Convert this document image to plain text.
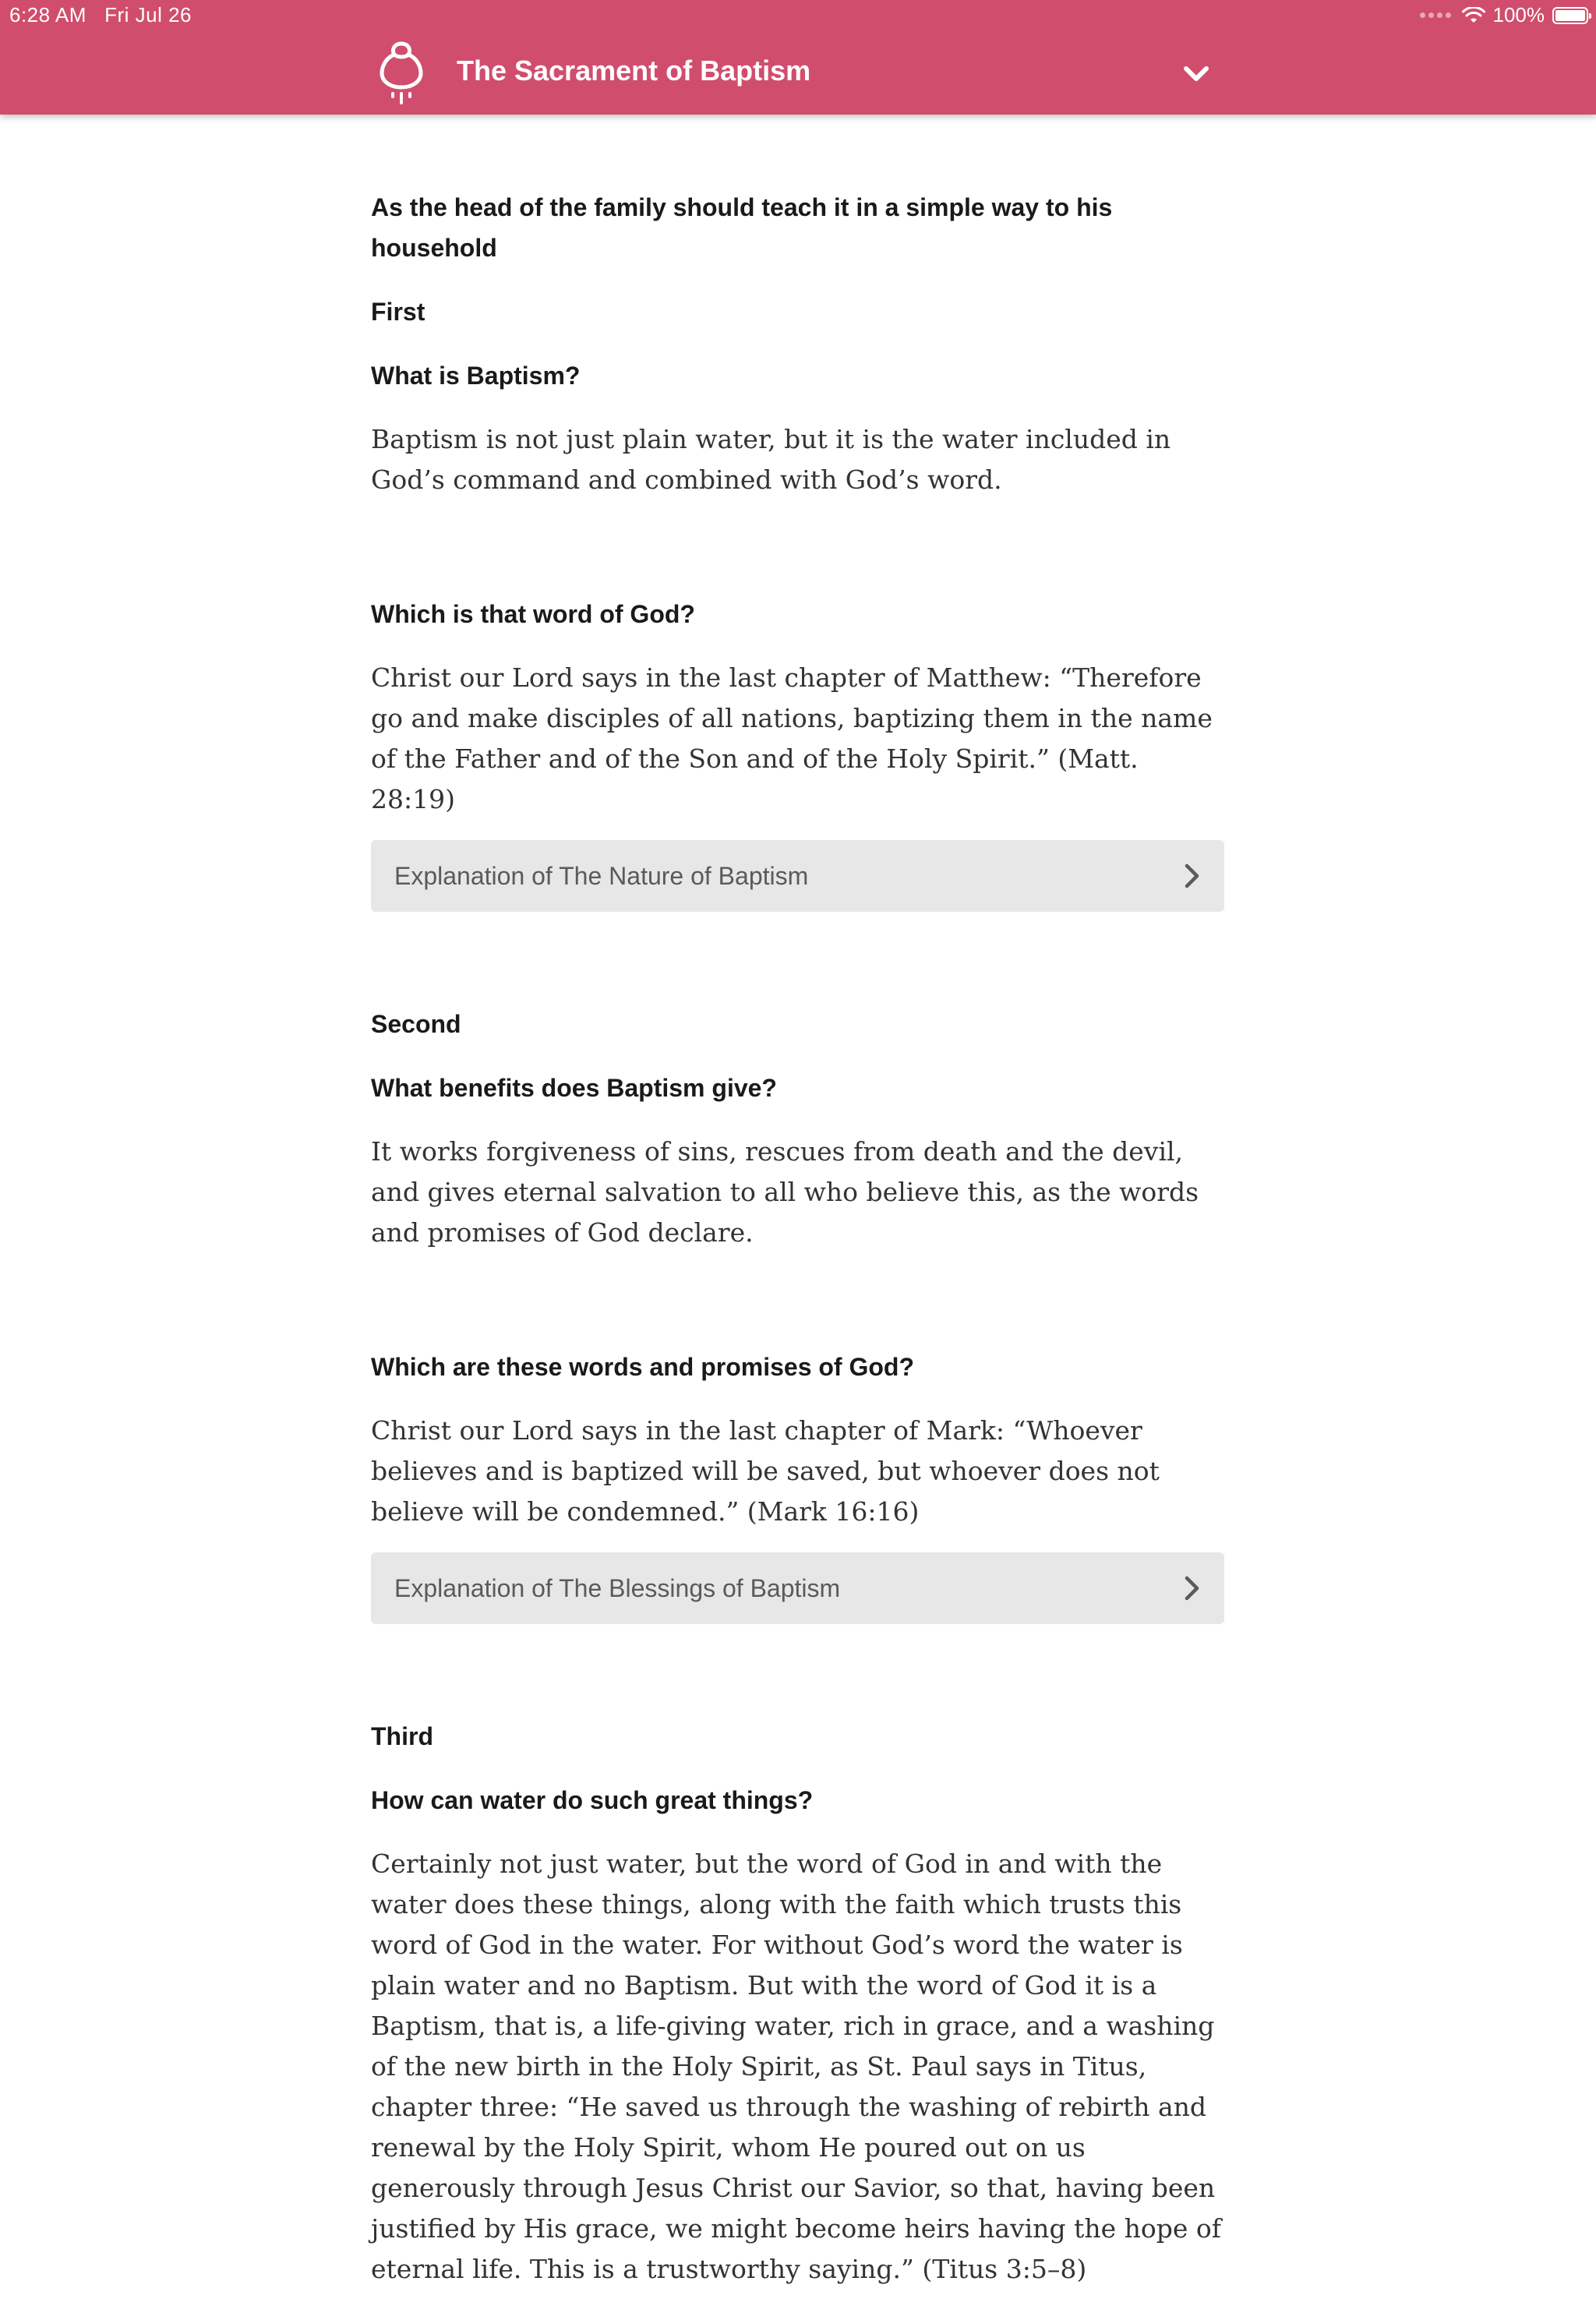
6:28 AM Fri Jul 26	100%
The Sacrament of Baptism

As the head of the family should teach it in a simple way to his household

First

What is Baptism?

Baptism is not just plain water, but it is the water included in God’s command and combined with God’s word.

Which is that word of God?

Christ our Lord says in the last chapter of Matthew: “Therefore go and make disciples of all nations, baptizing them in the name of the Father and of the Son and of the Holy Spirit.” (Matt. 28:19)

Explanation of The Nature of Baptism

Second

What benefits does Baptism give?

It works forgiveness of sins, rescues from death and the devil, and gives eternal salvation to all who believe this, as the words and promises of God declare.

Which are these words and promises of God?

Christ our Lord says in the last chapter of Mark: “Whoever believes and is baptized will be saved, but whoever does not believe will be condemned.” (Mark 16:16)

Explanation of The Blessings of Baptism

Third

How can water do such great things?

Certainly not just water, but the word of God in and with the water does these things, along with the faith which trusts this word of God in the water. For without God’s word the water is plain water and no Baptism. But with the word of God it is a Baptism, that is, a life-giving water, rich in grace, and a washing of the new birth in the Holy Spirit, as St. Paul says in Titus, chapter three: “He saved us through the washing of rebirth and renewal by the Holy Spirit, whom He poured out on us generously through Jesus Christ our Savior, so that, having been justified by His grace, we might become heirs having the hope of eternal life. This is a trustworthy saying.” (Titus 3:5–8)
